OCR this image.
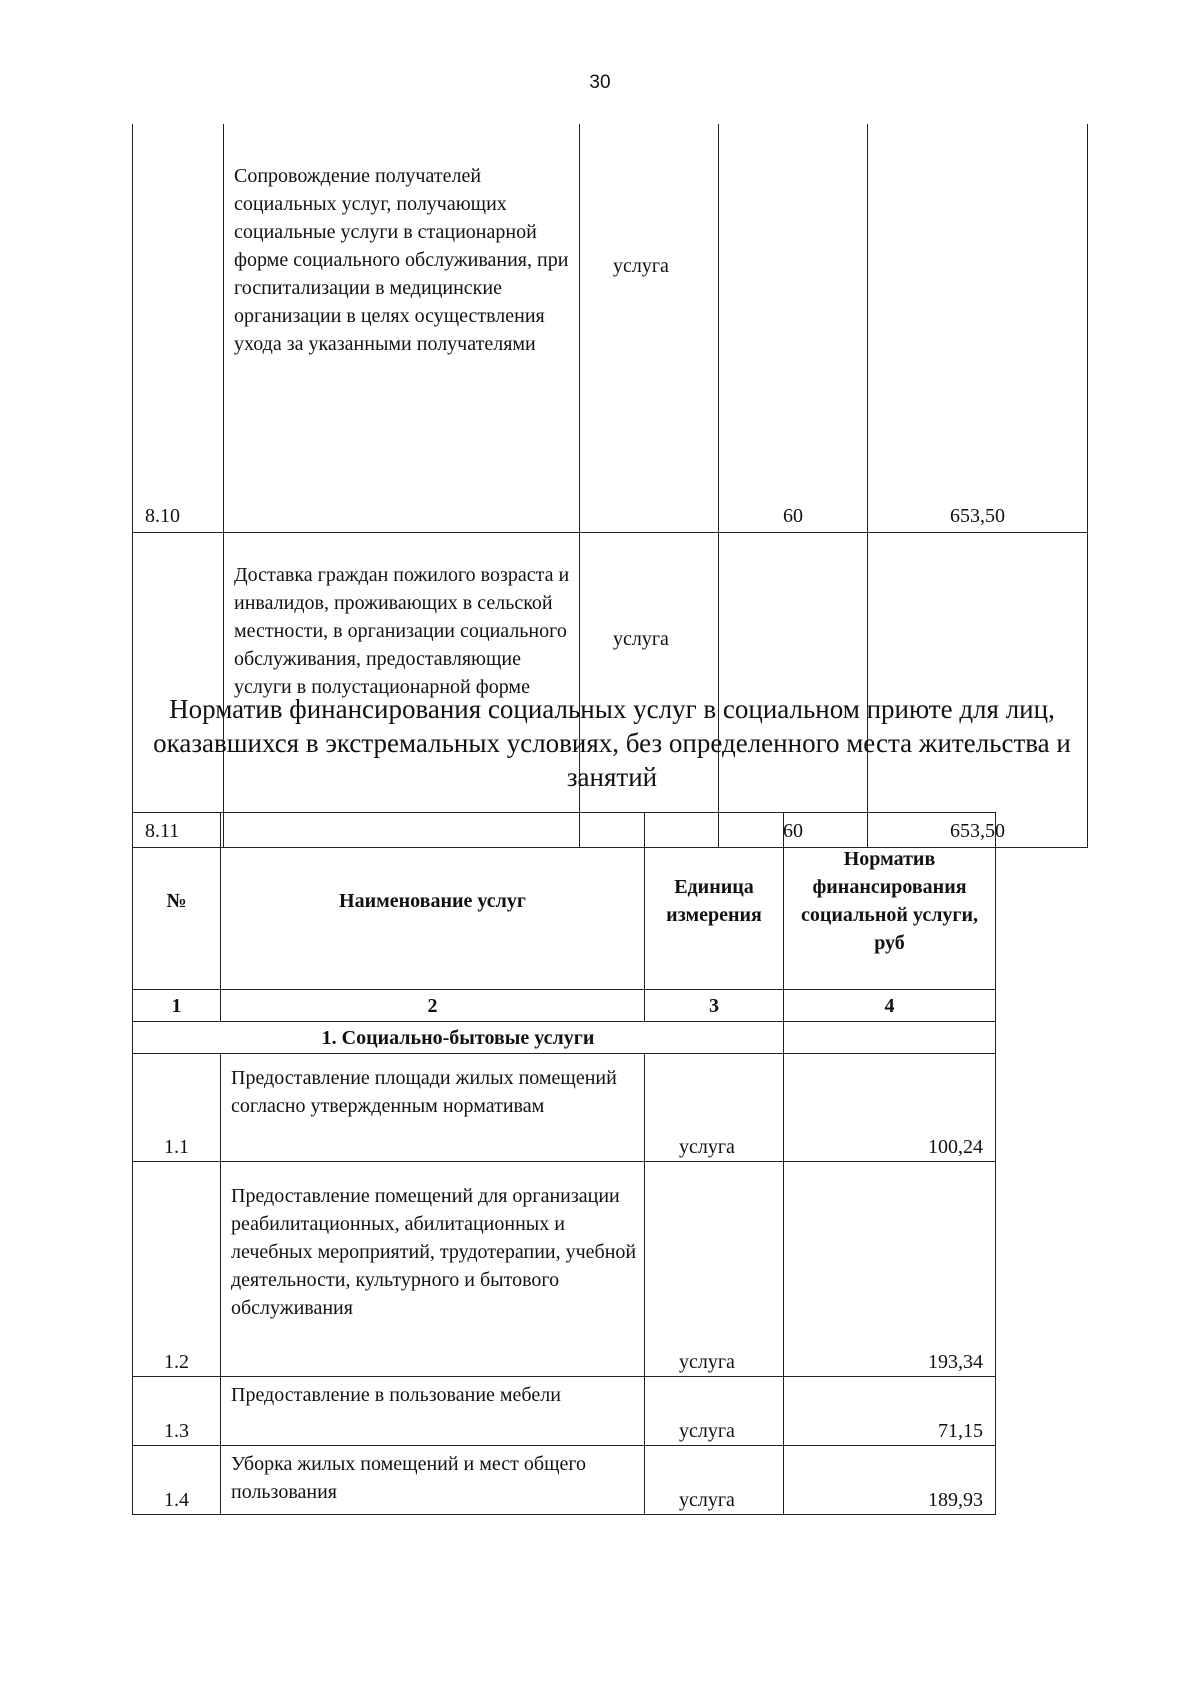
30
8.10	Сопровождение получателей социальных услуг, получающих социальные услуги в стационарной форме социального обслуживания, при госпитализации в медицинские организации в целях осуществления ухода за указанными получателями	услуга	60	653,50
8.11	Доставка граждан пожилого возраста и инвалидов, проживающих в сельской местности, в организации социального обслуживания, предоставляющие услуги в полустационарной форме	услуга	60	653,50
Норматив финансирования социальных услуг в социальном приюте для лиц, оказавшихся в экстремальных условиях, без определенного места жительства и занятий
№	Наименование услуг	Единица измерения	Норматив финансирования социальной услуги, руб
1	2	3	4
1. Социально-бытовые услуги			
1.1	Предоставление площади жилых помещений согласно утвержденным нормативам	услуга	100,24
1.2	Предоставление помещений для организации реабилитационных, абилитационных и лечебных мероприятий, трудотерапии, учебной деятельности, культурного и бытового обслуживания	услуга	193,34
1.3	Предоставление в пользование мебели	услуга	71,15
1.4	Уборка жилых помещений и мест общего пользования	услуга	189,93
